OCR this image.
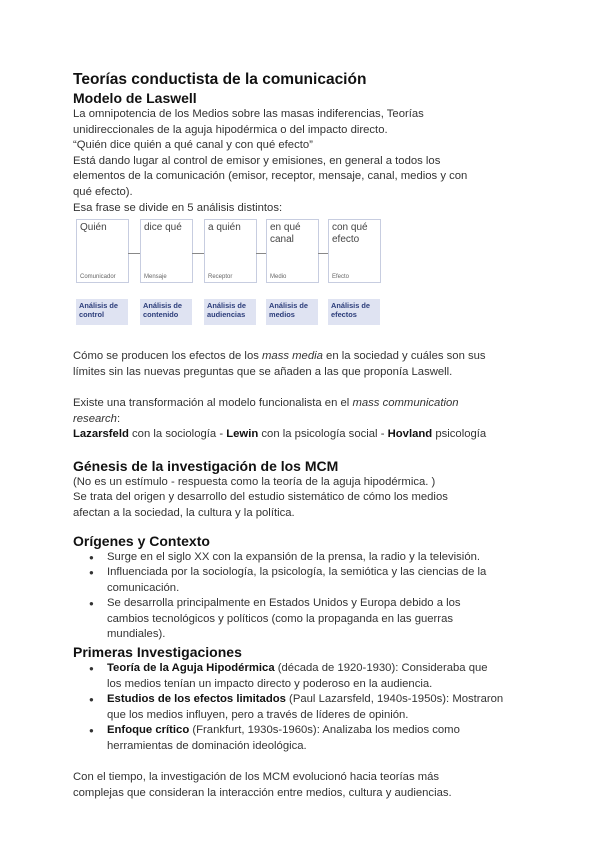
Teorías conductista de la comunicación

Modelo de Laswell

La omnipotencia de los Medios sobre las masas indiferencias, Teorías
unidireccionales de la aguja hipodérmica o del impacto directo.

“Quién dice quién a qué canal y con qué efecto”

Está dando lugar al control de emisor y emisiones, en general a todos los
elementos de la comunicación (emisor, receptor, mensaje, canal, medios y con
qué efecto).

Esa frase se divide en 5 análisis distintos:

Quién
Comunicador
dice qué
Mensaje
a quién
Receptor
en qué canal
Medio
con qué efecto
Efecto
Análisis de control
Análisis de contenido
Análisis de audiencias
Análisis de medios
Análisis de efectos

Cómo se producen los efectos de los mass media en la sociedad y cuáles son sus
límites sin las nuevas preguntas que se añaden a las que proponía Laswell.

Existe una transformación al modelo funcionalista en el mass communication
research:
Lazarsfeld con la sociología - Lewin con la psicología social - Hovland psicología

Génesis de la investigación de los MCM

(No es un estímulo - respuesta como la teoría de la aguja hipodérmica. )
Se trata del origen y desarrollo del estudio sistemático de cómo los medios
afectan a la sociedad, la cultura y la política.

Orígenes y Contexto

● Surge en el siglo XX con la expansión de la prensa, la radio y la televisión.
● Influenciada por la sociología, la psicología, la semiótica y las ciencias de la
comunicación.
● Se desarrolla principalmente en Estados Unidos y Europa debido a los
cambios tecnológicos y políticos (como la propaganda en las guerras
mundiales).

Primeras Investigaciones

● Teoría de la Aguja Hipodérmica (década de 1920-1930): Consideraba que
los medios tenían un impacto directo y poderoso en la audiencia.
● Estudios de los efectos limitados (Paul Lazarsfeld, 1940s-1950s): Mostraron
que los medios influyen, pero a través de líderes de opinión.
● Enfoque crítico (Frankfurt, 1930s-1960s): Analizaba los medios como
herramientas de dominación ideológica.

Con el tiempo, la investigación de los MCM evolucionó hacia teorías más
complejas que consideran la interacción entre medios, cultura y audiencias.
